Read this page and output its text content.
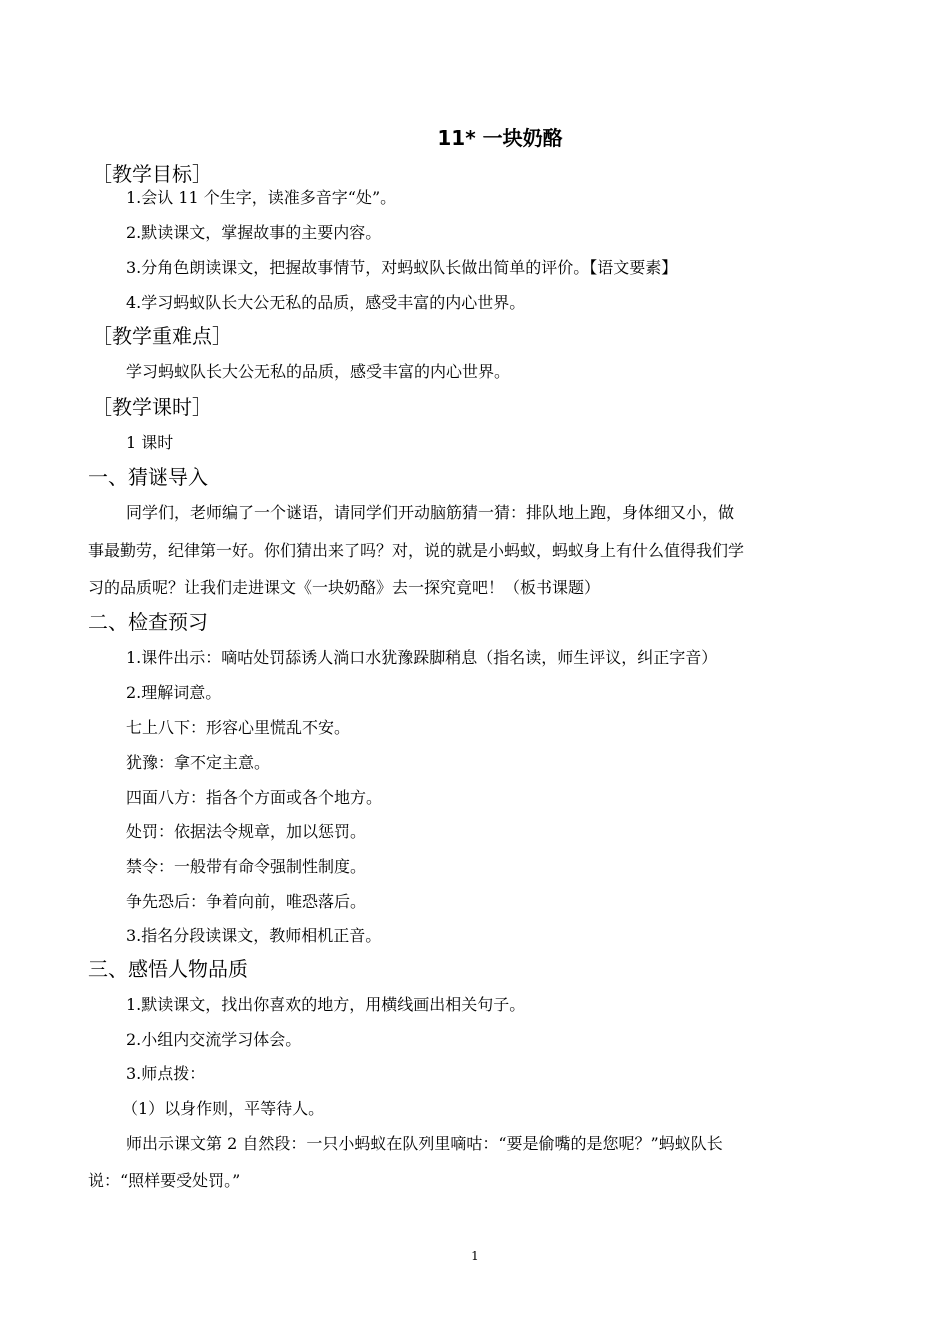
11* 一块奶酪
［教学目标］
1.会认 11 个生字，读准多音字“处”。
2.默读课文，掌握故事的主要内容。
3.分角色朗读课文，把握故事情节，对蚂蚁队长做出简单的评价。【语文要素】
4.学习蚂蚁队长大公无私的品质，感受丰富的内心世界。
［教学重难点］
学习蚂蚁队长大公无私的品质，感受丰富的内心世界。
［教学课时］
1 课时
一、猜谜导入
同学们，老师编了一个谜语，请同学们开动脑筋猜一猜：排队地上跑，身体细又小，做
事最勤劳，纪律第一好。你们猜出来了吗？对，说的就是小蚂蚁，蚂蚁身上有什么值得我们学
习的品质呢？让我们走进课文《一块奶酪》去一探究竟吧！（板书课题）
二、检查预习
1.课件出示：嘀咕处罚舔诱人淌口水犹豫跺脚稍息（指名读，师生评议，纠正字音）
2.理解词意。
七上八下：形容心里慌乱不安。
犹豫：拿不定主意。
四面八方：指各个方面或各个地方。
处罚：依据法令规章，加以惩罚。
禁令：一般带有命令强制性制度。
争先恐后：争着向前，唯恐落后。
3.指名分段读课文，教师相机正音。
三、感悟人物品质
1.默读课文，找出你喜欢的地方，用横线画出相关句子。
2.小组内交流学习体会。
3.师点拨：
（1）以身作则，平等待人。
师出示课文第 2 自然段：一只小蚂蚁在队列里嘀咕：“要是偷嘴的是您呢？”蚂蚁队长
说：“照样要受处罚。”
1
